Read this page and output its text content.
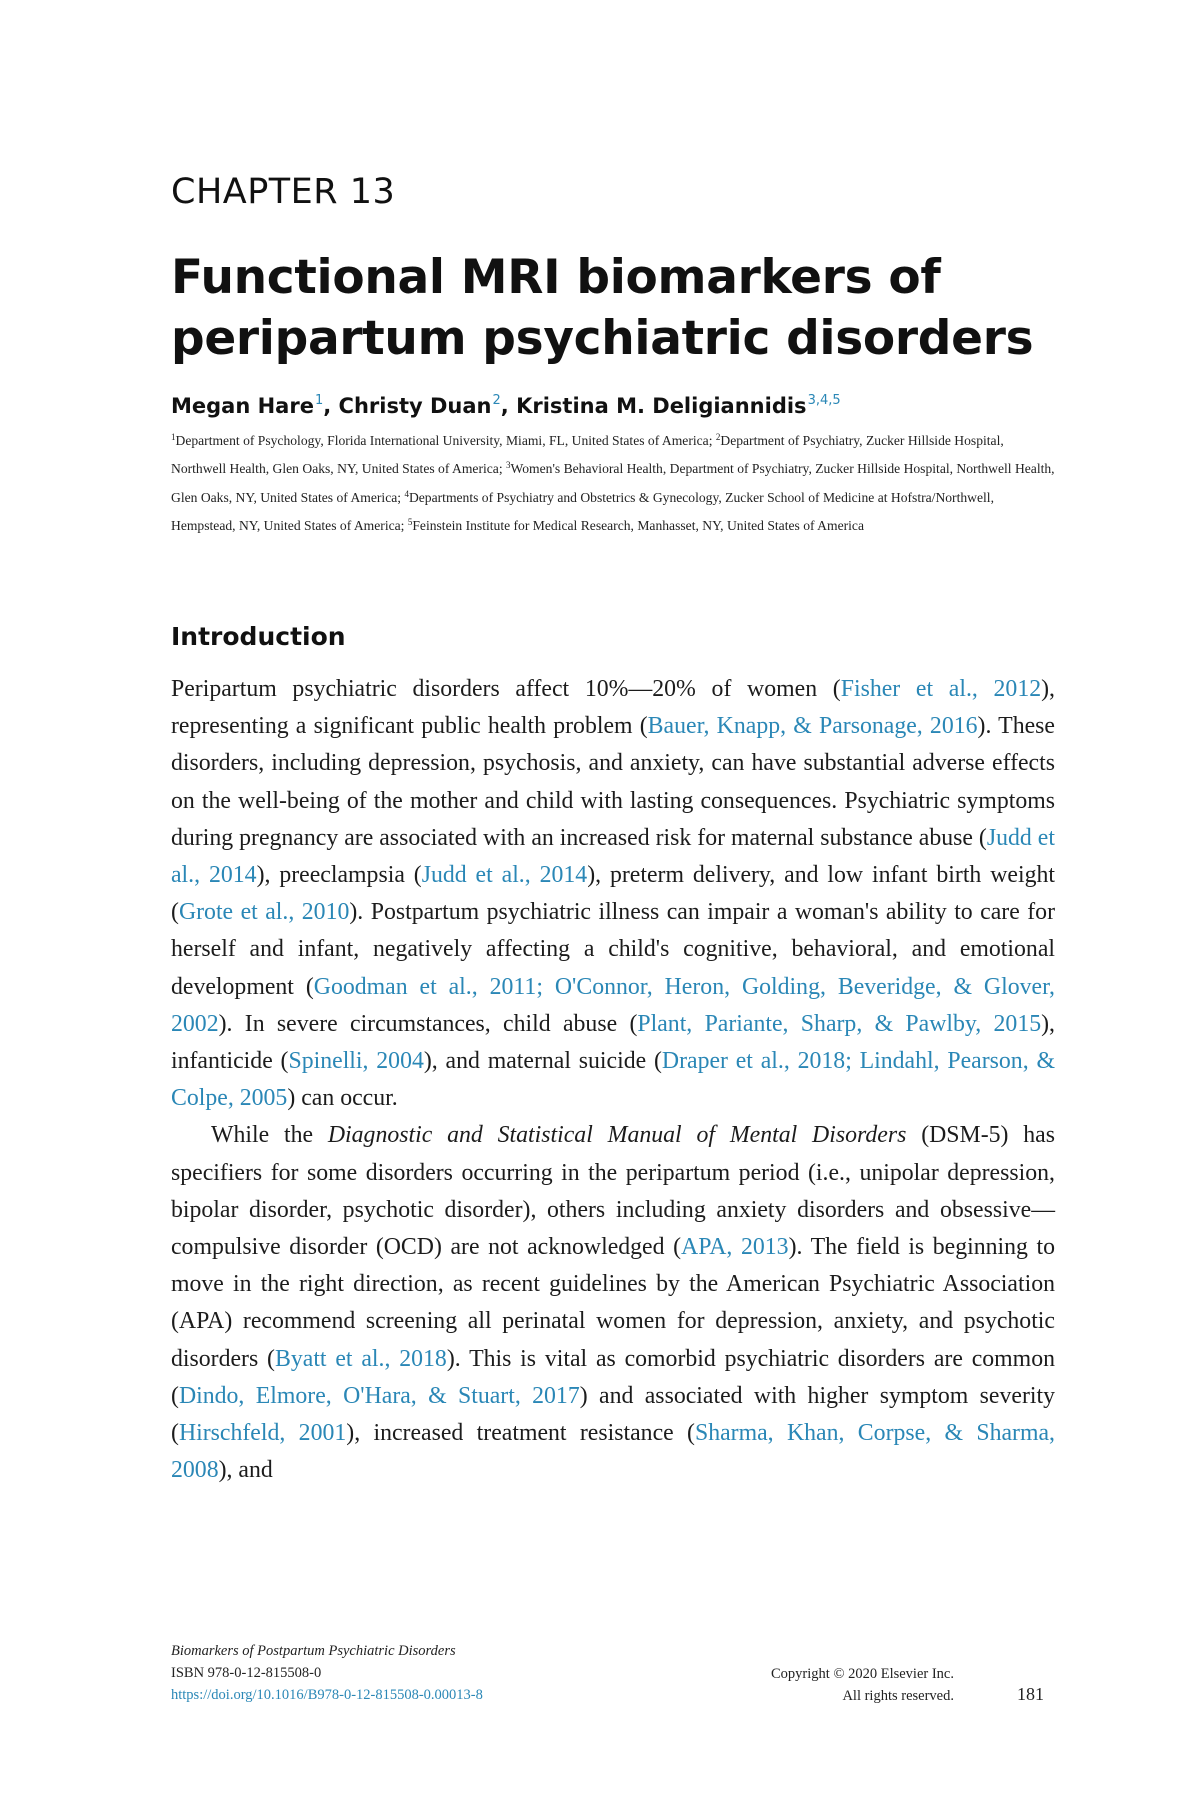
CHAPTER 13
Functional MRI biomarkers of peripartum psychiatric disorders
Megan Hare$^1$, Christy Duan$^2$, Kristina M. Deligiannidis$^{3,4,5}$
$^1$Department of Psychology, Florida International University, Miami, FL, United States of America; $^2$Department of Psychiatry, Zucker Hillside Hospital, Northwell Health, Glen Oaks, NY, United States of America; $^3$Women's Behavioral Health, Department of Psychiatry, Zucker Hillside Hospital, Northwell Health, Glen Oaks, NY, United States of America; $^4$Departments of Psychiatry and Obstetrics & Gynecology, Zucker School of Medicine at Hofstra/Northwell, Hempstead, NY, United States of America; $^5$Feinstein Institute for Medical Research, Manhasset, NY, United States of America
Introduction

Peripartum psychiatric disorders affect 10%—20% of women (Fisher et al., 2012), representing a significant public health problem (Bauer, Knapp, & Parsonage, 2016). These disorders, including depression, psychosis, and anxiety, can have substantial adverse effects on the well-being of the mother and child with lasting consequences. Psychiatric symptoms during pregnancy are associated with an increased risk for maternal substance abuse (Judd et al., 2014), preeclampsia (Judd et al., 2014), preterm delivery, and low infant birth weight (Grote et al., 2010). Postpartum psychiatric illness can impair a woman's ability to care for herself and infant, negatively affecting a child's cognitive, behavioral, and emotional development (Goodman et al., 2011; O'Connor, Heron, Golding, Beveridge, & Glover, 2002). In severe circumstances, child abuse (Plant, Pariante, Sharp, & Pawlby, 2015), infanticide (Spinelli, 2004), and maternal suicide (Draper et al., 2018; Lindahl, Pearson, & Colpe, 2005) can occur.

While the Diagnostic and Statistical Manual of Mental Disorders (DSM-5) has specifiers for some disorders occurring in the peripartum period (i.e., unipolar depression, bipolar disorder, psychotic disorder), others including anxiety disorders and obsessive—compulsive disorder (OCD) are not acknowledged (APA, 2013). The field is beginning to move in the right direction, as recent guidelines by the American Psychiatric Association (APA) recommend screening all perinatal women for depression, anxiety, and psychotic disorders (Byatt et al., 2018). This is vital as comorbid psychiatric disorders are common (Dindo, Elmore, O'Hara, & Stuart, 2017) and associated with higher symptom severity (Hirschfeld, 2001), increased treatment resistance (Sharma, Khan, Corpse, & Sharma, 2008), and

Biomarkers of Postpartum Psychiatric Disorders
ISBN 978-0-12-815508-0
https://doi.org/10.1016/B978-0-12-815508-0.00013-8
Copyright © 2020 Elsevier Inc.
All rights reserved.	181
